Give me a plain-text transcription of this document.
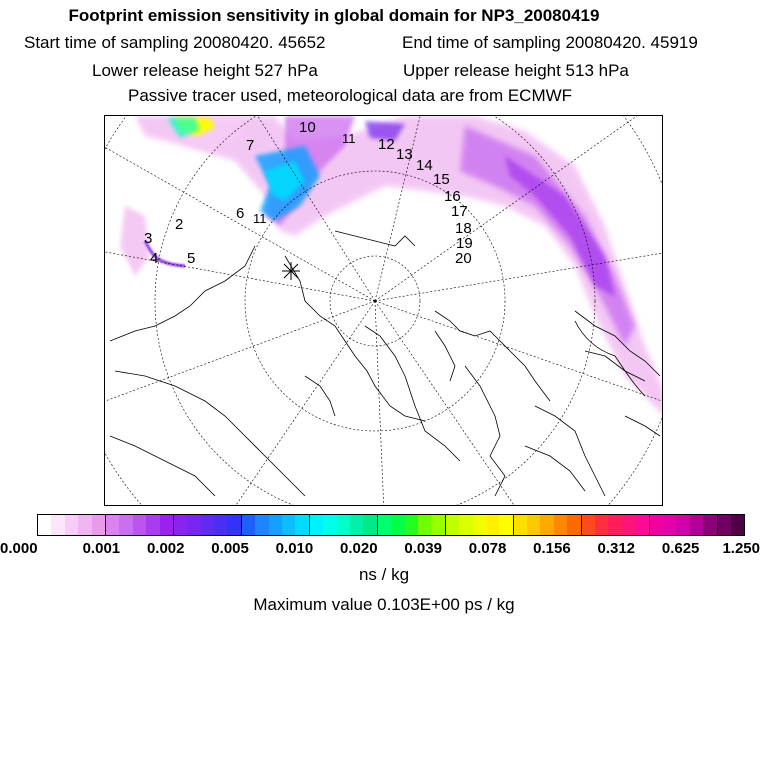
Footprint emission sensitivity in global domain for NP3_20080419
Start time of sampling 20080420. 45652	End time of sampling 20080420. 45919
Lower release height 527 hPa	Upper release height 513 hPa
Passive tracer used, meteorological data are from ECMWF
2
3
4 5
6
7
10
11
11
12
13
14
15
16
17
18
19
20
0.000	0.001 0.002 0.005 0.010 0.020 0.039 0.078 0.156 0.312 0.625 1.250
ns / kg
Maximum value 0.103E+00 ps / kg
